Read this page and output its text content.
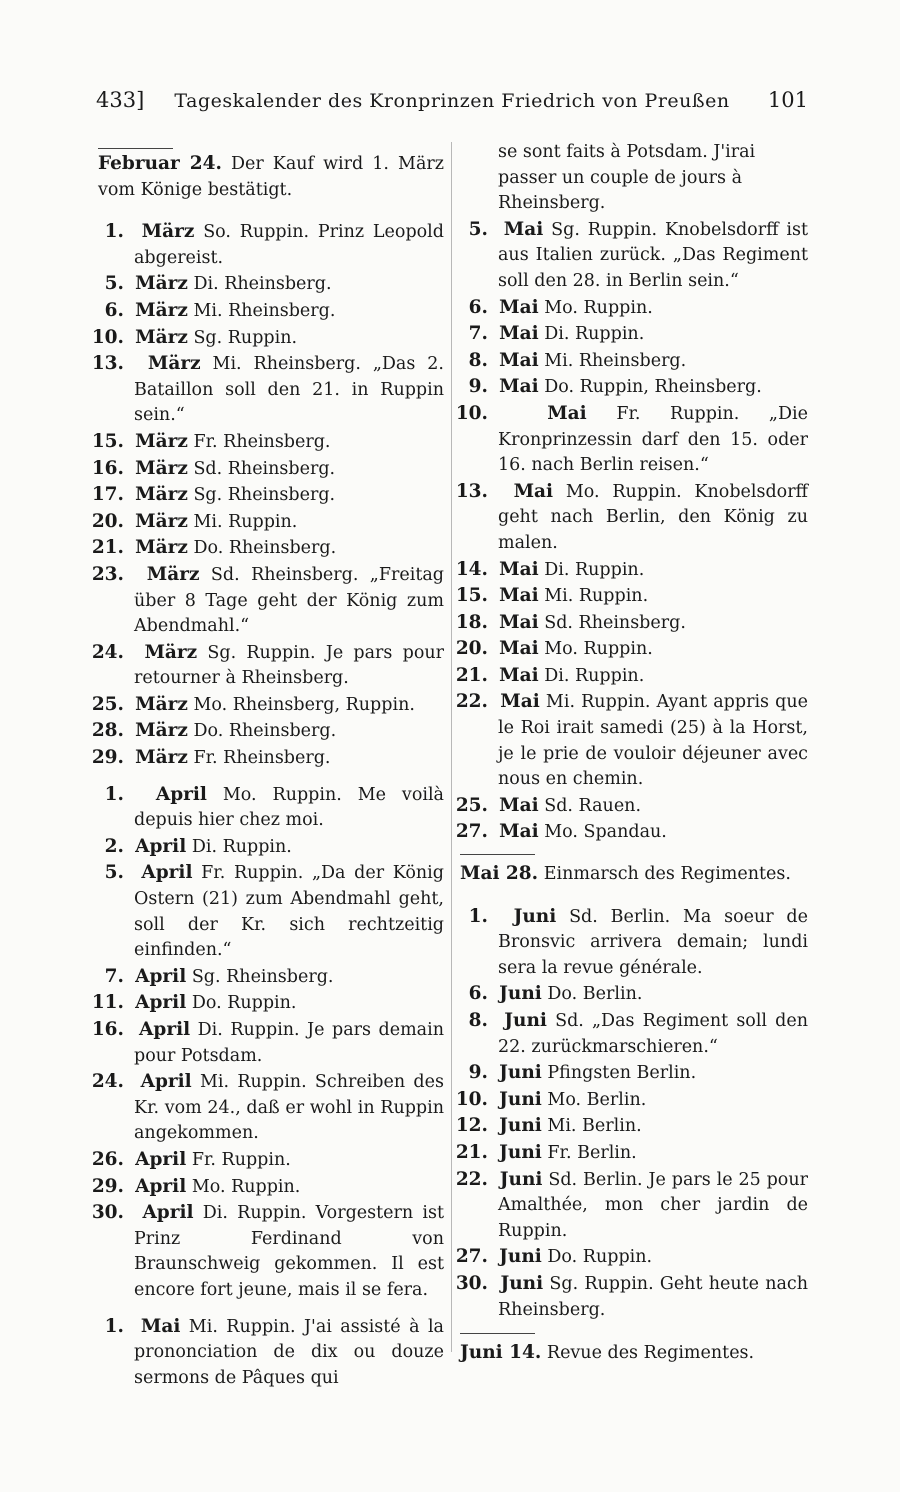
433]	Tageskalender des Kronprinzen Friedrich von Preußen	101
Februar 24. Der Kauf wird 1. März vom Könige bestätigt.
1. März So. Ruppin. Prinz Leopold abgereist.
5. März Di. Rheinsberg.
6. März Mi. Rheinsberg.
10. März Sg. Ruppin.
13. März Mi. Rheinsberg. „Das 2. Bataillon soll den 21. in Ruppin sein.“
15. März Fr. Rheinsberg.
16. März Sd. Rheinsberg.
17. März Sg. Rheinsberg.
20. März Mi. Ruppin.
21. März Do. Rheinsberg.
23. März Sd. Rheinsberg. „Freitag über 8 Tage geht der König zum Abendmahl.“
24. März Sg. Ruppin. Je pars pour retourner à Rheinsberg.
25. März Mo. Rheinsberg, Ruppin.
28. März Do. Rheinsberg.
29. März Fr. Rheinsberg.
1. April Mo. Ruppin. Me voilà depuis hier chez moi.
2. April Di. Ruppin.
5. April Fr. Ruppin. „Da der König Ostern (21) zum Abendmahl geht, soll der Kr. sich rechtzeitig einfinden.“
7. April Sg. Rheinsberg.
11. April Do. Ruppin.
16. April Di. Ruppin. Je pars demain pour Potsdam.
24. April Mi. Ruppin. Schreiben des Kr. vom 24., daß er wohl in Ruppin angekommen.
26. April Fr. Ruppin.
29. April Mo. Ruppin.
30. April Di. Ruppin. Vorgestern ist Prinz Ferdinand von Braunschweig gekommen. Il est encore fort jeune, mais il se fera.
1. Mai Mi. Ruppin. J'ai assisté à la prononciation de dix ou douze sermons de Pâques qui
se sont faits à Potsdam. J'irai passer un couple de jours à Rheinsberg.
5. Mai Sg. Ruppin. Knobelsdorff ist aus Italien zurück. „Das Regiment soll den 28. in Berlin sein.“
6. Mai Mo. Ruppin.
7. Mai Di. Ruppin.
8. Mai Mi. Rheinsberg.
9. Mai Do. Ruppin, Rheinsberg.
10.	Mai Fr. Ruppin. „Die Kronprinzessin darf den 15. oder 16. nach Berlin reisen.“
13. Mai Mo. Ruppin. Knobelsdorff geht nach Berlin, den König zu malen.
14. Mai Di. Ruppin.
15. Mai Mi. Ruppin.
18. Mai Sd. Rheinsberg.
20. Mai Mo. Ruppin.
21. Mai Di. Ruppin.
22. Mai Mi. Ruppin. Ayant appris que le Roi irait samedi (25) à la Horst, je le prie de vouloir déjeuner avec nous en chemin.
25. Mai Sd. Rauen.
27. Mai Mo. Spandau.
Mai 28. Einmarsch des Regimentes.
1. Juni Sd. Berlin. Ma soeur de Bronsvic arrivera demain; lundi sera la revue générale.
6. Juni Do. Berlin.
8. Juni Sd. „Das Regiment soll den 22. zurückmarschieren.“
9. Juni Pfingsten Berlin.
10. Juni Mo. Berlin.
12. Juni Mi. Berlin.
21. Juni Fr. Berlin.
22. Juni Sd. Berlin. Je pars le 25 pour Amalthée, mon cher jardin de Ruppin.
27. Juni Do. Ruppin.
30. Juni Sg. Ruppin. Geht heute nach Rheinsberg.
Juni 14. Revue des Regimentes.
